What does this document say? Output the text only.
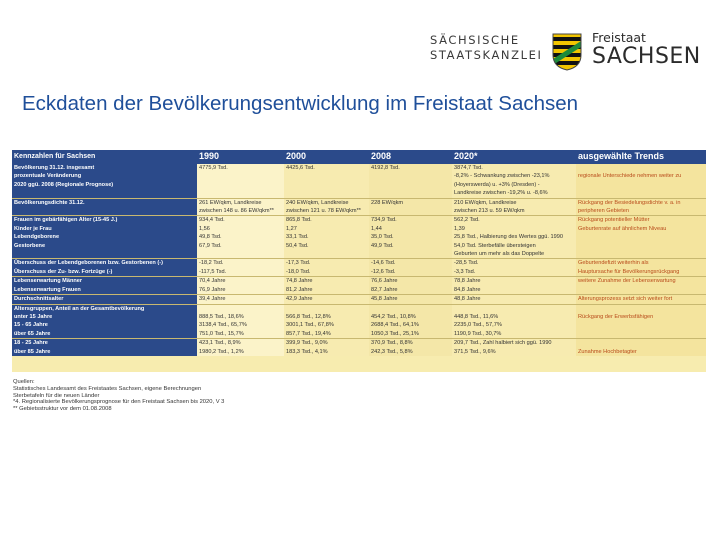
SÄCHSISCHE
STAATSKANZLEI
Freistaat
SACHSEN
Eckdaten der Bevölkerungsentwicklung im Freistaat Sachsen
Kennzahlen für Sachsen	1990	2000	2008	2020*	ausgewählte Trends
Bevölkerung 31.12. insgesamt	4775,9 Tsd.	4425,6 Tsd.	4192,8 Tsd.	3874,7 Tsd.	
prozentuale Veränderung				-8,2% - Schwankung zwischen -23,1%	regionale Unterschiede nehmen weiter zu
2020 ggü. 2008 (Regionale Prognose)				(Hoyerswerda) u. +3% (Dresden) -	
				Landkreise zwischen -19,2% u. -8,6%	
Bevölkerungsdichte 31.12.	261 EW/qkm, Landkreise	240 EW/qkm, Landkreise	228 EW/qkm	210 EW/qkm, Landkreise	Rückgang der Besiedelungsdichte v. a. in
	zwischen 148 u. 86 EW/qkm**	zwischen 121 u. 78 EW/qkm**		zwischen 213 u. 59 EW/qkm	peripheren Gebieten
Frauen im gebärfähigen Alter (15-45 J.)	934,4 Tsd.	865,8 Tsd.	734,9 Tsd.	562,2 Tsd.	Rückgang potentieller Mütter
Kinder je Frau	1,56	1,27	1,44	1,39	Geburtenrate auf ähnlichem Niveau
Lebendgeborene	49,8 Tsd.	33,1 Tsd.	35,0 Tsd.	25,8 Tsd., Halbierung des Wertes ggü. 1990	
Gestorbene	67,9 Tsd.	50,4 Tsd.	49,9 Tsd.	54,0 Tsd. Sterbefälle übersteigen	
				Geburten um mehr als das Doppelte	
Überschuss der Lebendgeborenen bzw. Gestorbenen (-)	-18,2 Tsd.	-17,3 Tsd.	-14,6 Tsd.	-28,5 Tsd.	Geburtendefizit weiterhin als
Überschuss der Zu- bzw. Fortzüge (-)	-117,5 Tsd.	-18,0 Tsd.	-12,6 Tsd.	-3,3 Tsd.	Hauptursache für Bevölkerungsrückgang
Lebenserwartung Männer	70,4 Jahre	74,8 Jahre	76,6 Jahre	78,8 Jahre	weitere Zunahme der Lebenserwartung
Lebenserwartung Frauen	76,9 Jahre	81,2 Jahre	82,7 Jahre	84,8 Jahre	
Durchschnittsalter	39,4 Jahre	42,9 Jahre	45,8 Jahre	48,8 Jahre	Alterungsprozess setzt sich weiter fort
Altersgruppen, Anteil an der Gesamtbevölkerung					
unter 15 Jahre	888,5 Tsd., 18,6%	566,8 Tsd., 12,8%	454,2 Tsd., 10,8%	448,8 Tsd., 11,6%	Rückgang der Erwerbsfähigen
15 - 65 Jahre	3138,4 Tsd., 65,7%	3001,1 Tsd., 67,8%	2688,4 Tsd., 64,1%	2235,0 Tsd., 57,7%	
über 65 Jahre	751,0 Tsd., 15,7%	857,7 Tsd., 19,4%	1050,3 Tsd., 25,1%	1190,9 Tsd., 30,7%	
18 - 25 Jahre	423,1 Tsd., 8,9%	399,9 Tsd., 9,0%	370,9 Tsd., 8,8%	209,7 Tsd., Zahl halbiert sich ggü. 1990	
über 85 Jahre	1980,2 Tsd., 1,2%	183,3 Tsd., 4,1%	242,3 Tsd., 5,8%	371,5 Tsd., 9,6%	Zunahme Hochbetagter
Quellen:
Statistisches Landesamt des Freistaates Sachsen, eigene Berechnungen
Sterbetafeln für die neuen Länder
*4. Regionalisierte Bevölkerungsprognose für den Freistaat Sachsen bis 2020, V 3
** Gebietsstruktur vor dem 01.08.2008
